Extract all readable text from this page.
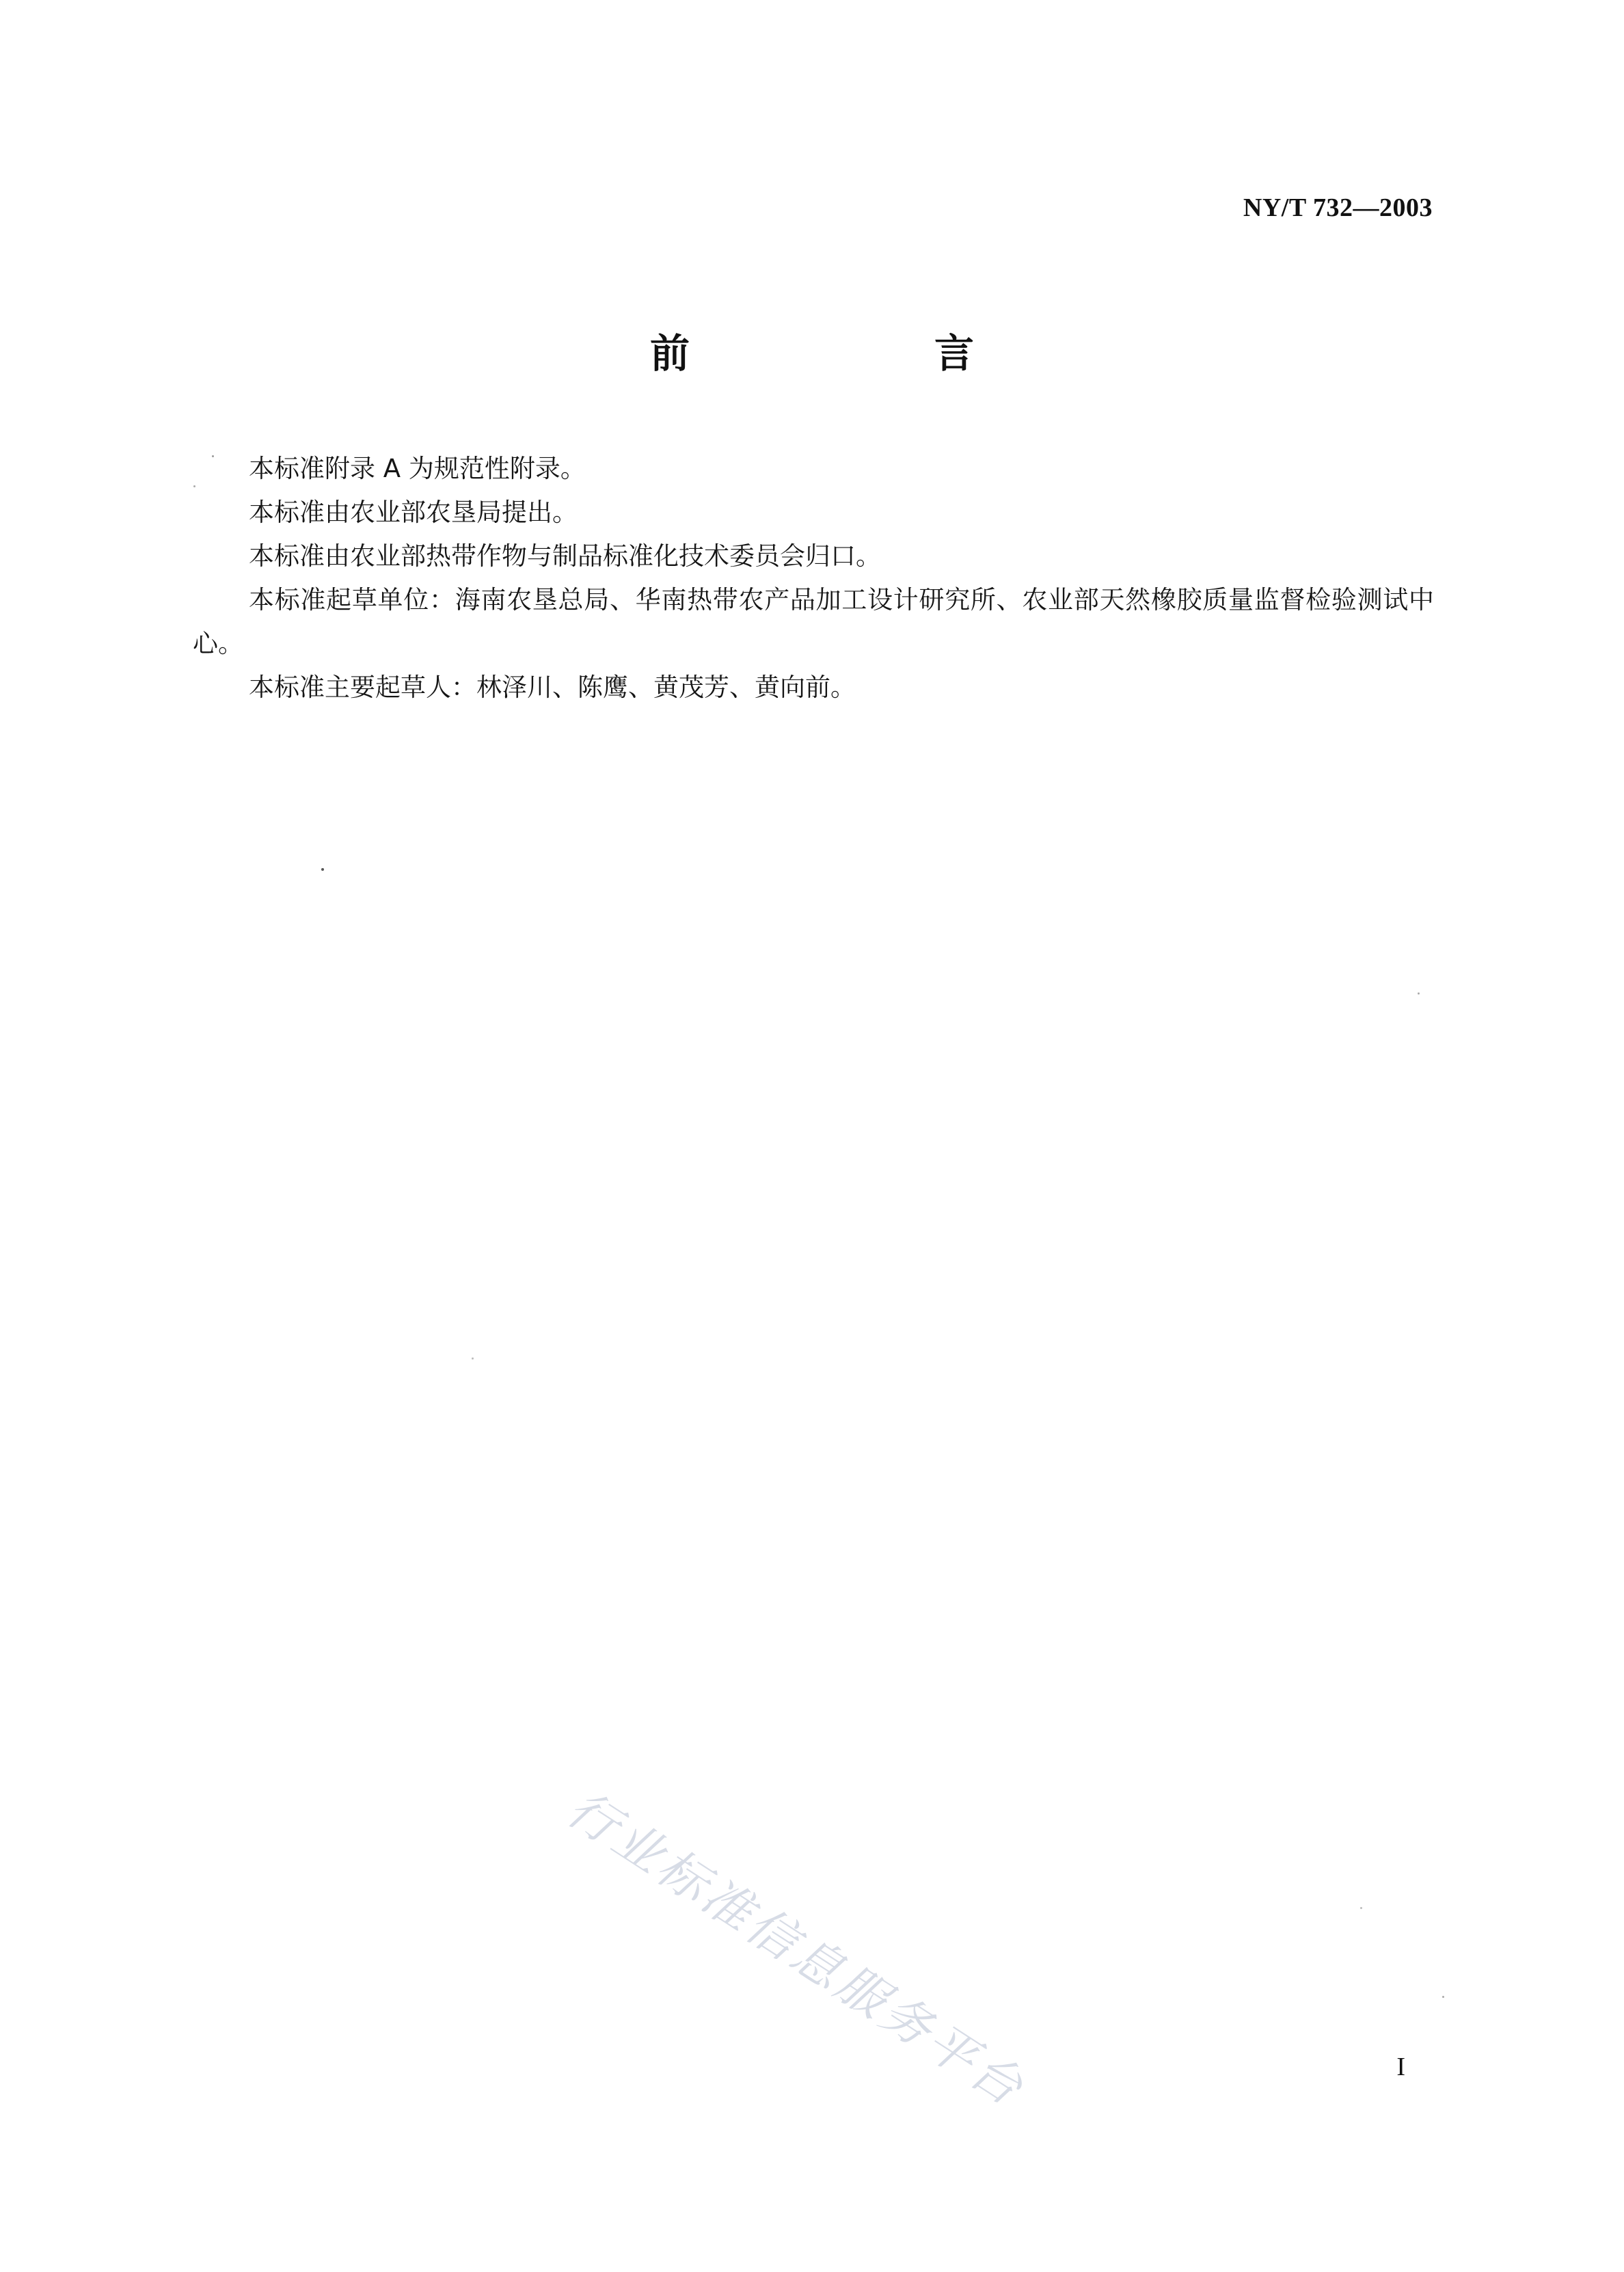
NY/T 732—2003
前　言

本标准附录 A 为规范性附录。

本标准由农业部农垦局提出。

本标准由农业部热带作物与制品标准化技术委员会归口。

本标准起草单位：海南农垦总局、华南热带农产品加工设计研究所、农业部天然橡胶质量监督检验测试中心。

本标准主要起草人：林泽川、陈鹰、黄茂芳、黄向前。

行业标准信息服务平台	I
